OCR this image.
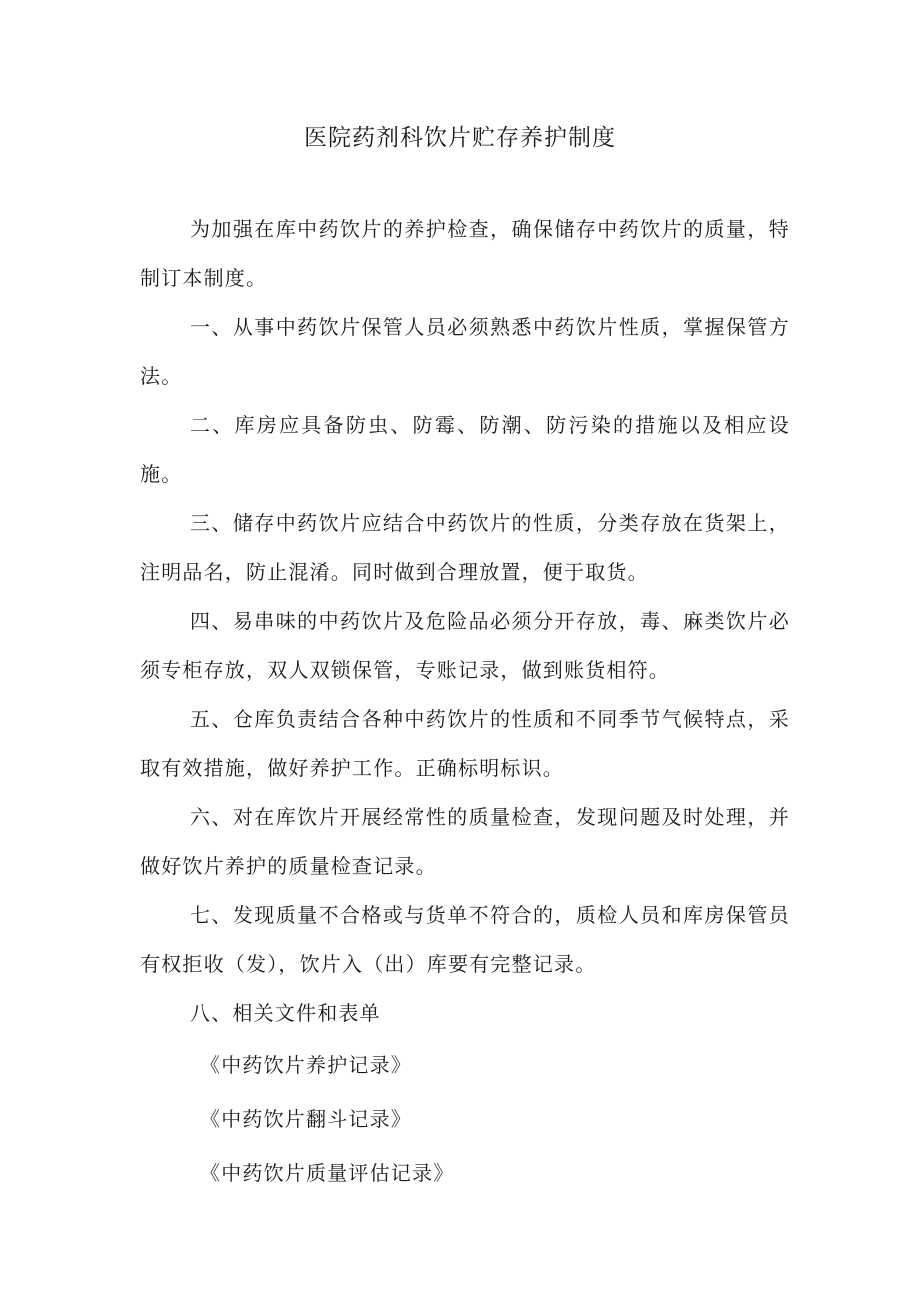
医院药剂科饮片贮存养护制度

为加强在库中药饮片的养护检查，确保储存中药饮片的质量，特制订本制度。

一、从事中药饮片保管人员必须熟悉中药饮片性质，掌握保管方法。

二、库房应具备防虫、防霉、防潮、防污染的措施以及相应设施。

三、储存中药饮片应结合中药饮片的性质，分类存放在货架上，注明品名，防止混淆。同时做到合理放置，便于取货。

四、易串味的中药饮片及危险品必须分开存放，毒、麻类饮片必须专柜存放，双人双锁保管，专账记录，做到账货相符。

五、仓库负责结合各种中药饮片的性质和不同季节气候特点，采取有效措施，做好养护工作。正确标明标识。

六、对在库饮片开展经常性的质量检查，发现问题及时处理，并做好饮片养护的质量检查记录。

七、发现质量不合格或与货单不符合的，质检人员和库房保管员有权拒收（发），饮片入（出）库要有完整记录。

八、相关文件和表单

《中药饮片养护记录》

《中药饮片翻斗记录》

《中药饮片质量评估记录》
